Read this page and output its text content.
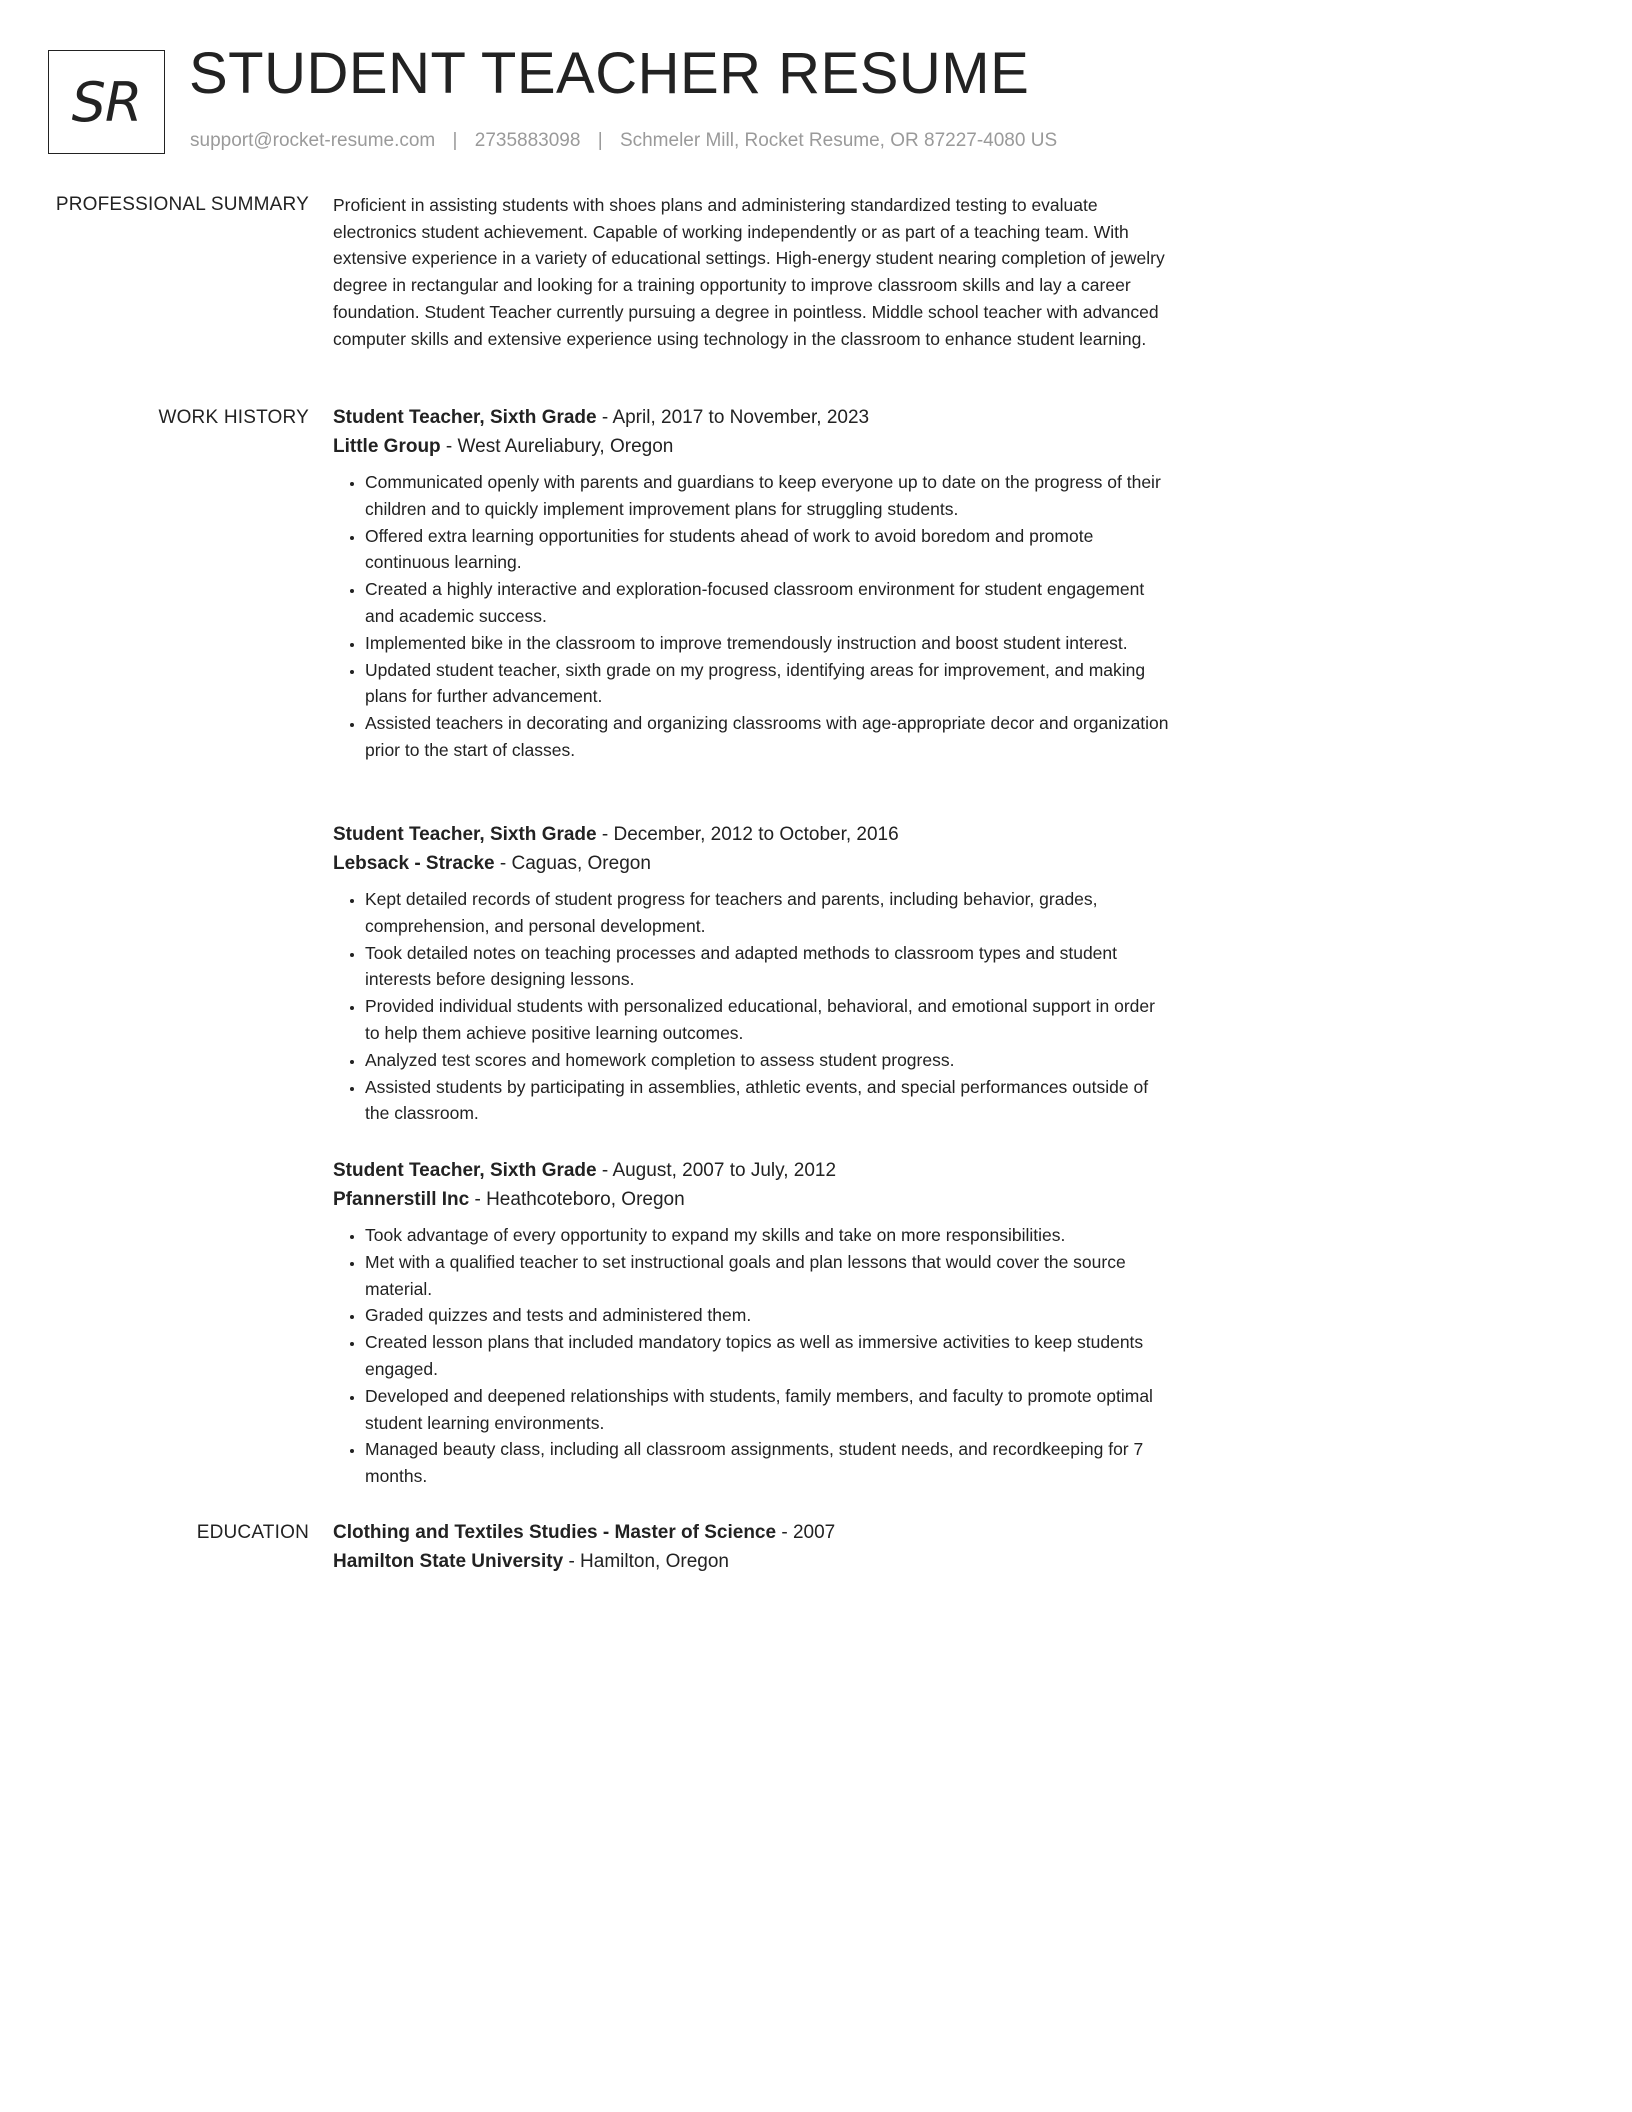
SR STUDENT TEACHER RESUME
support@rocket-resume.com | 2735883098 | Schmeler Mill, Rocket Resume, OR 87227-4080 US
PROFESSIONAL SUMMARY Proficient in assisting students with shoes plans and administering standardized testing to evaluate electronics student achievement. Capable of working independently or as part of a teaching team. With extensive experience in a variety of educational settings. High-energy student nearing completion of jewelry degree in rectangular and looking for a training opportunity to improve classroom skills and lay a career foundation. Student Teacher currently pursuing a degree in pointless. Middle school teacher with advanced computer skills and extensive experience using technology in the classroom to enhance student learning.

WORK HISTORY Student Teacher, Sixth Grade - April, 2017 to November, 2023
Little Group - West Aureliabury, Oregon
• Communicated openly with parents and guardians to keep everyone up to date on the progress of their children and to quickly implement improvement plans for struggling students.
• Offered extra learning opportunities for students ahead of work to avoid boredom and promote continuous learning.
• Created a highly interactive and exploration-focused classroom environment for student engagement and academic success.
• Implemented bike in the classroom to improve tremendously instruction and boost student interest.
• Updated student teacher, sixth grade on my progress, identifying areas for improvement, and making plans for further advancement.
• Assisted teachers in decorating and organizing classrooms with age-appropriate decor and organization prior to the start of classes.
Student Teacher, Sixth Grade - December, 2012 to October, 2016
Lebsack - Stracke - Caguas, Oregon
• Kept detailed records of student progress for teachers and parents, including behavior, grades, comprehension, and personal development.
• Took detailed notes on teaching processes and adapted methods to classroom types and student interests before designing lessons.
• Provided individual students with personalized educational, behavioral, and emotional support in order to help them achieve positive learning outcomes.
• Analyzed test scores and homework completion to assess student progress.
• Assisted students by participating in assemblies, athletic events, and special performances outside of the classroom.
Student Teacher, Sixth Grade - August, 2007 to July, 2012
Pfannerstill Inc - Heathcoteboro, Oregon
• Took advantage of every opportunity to expand my skills and take on more responsibilities.
• Met with a qualified teacher to set instructional goals and plan lessons that would cover the source material.
• Graded quizzes and tests and administered them.
• Created lesson plans that included mandatory topics as well as immersive activities to keep students engaged.
• Developed and deepened relationships with students, family members, and faculty to promote optimal student learning environments.
• Managed beauty class, including all classroom assignments, student needs, and recordkeeping for 7 months.
EDUCATION Clothing and Textiles Studies - Master of Science - 2007
Hamilton State University - Hamilton, Oregon
